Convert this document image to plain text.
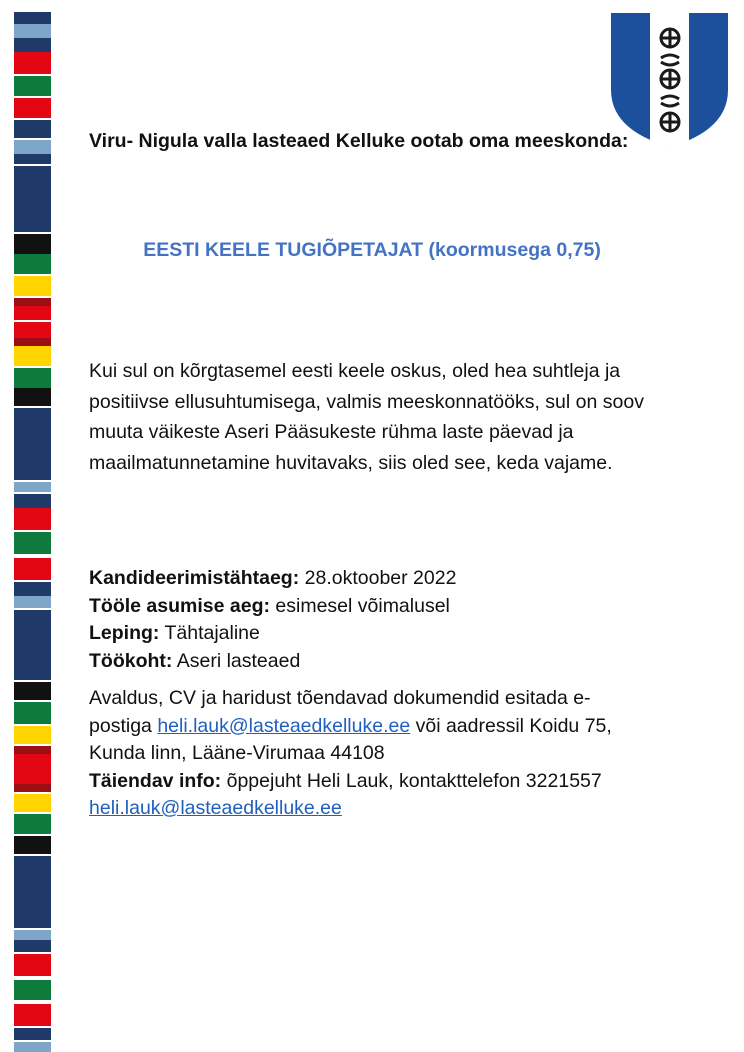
Viru- Nigula valla lasteaed Kelluke ootab oma meeskonda:
EESTI KEELE TUGIÕPETAJAT (koormusega 0,75)
Kui sul on kõrgtasemel eesti keele oskus, oled hea suhtleja ja positiivse ellusuhtumisega, valmis meeskonnatööks, sul on soov muuta väikeste Aseri Pääsukeste rühma laste päevad ja maailmatunnetamine huvitavaks, siis oled see, keda vajame.
Kandideerimistähtaeg: 28.oktoober 2022
Tööle asumise aeg: esimesel võimalusel
Leping: Tähtajaline
Töökoht: Aseri lasteaed
Avaldus, CV ja haridust tõendavad dokumendid esitada e-postiga heli.lauk@lasteaedkelluke.ee või aadressil Koidu 75, Kunda linn, Lääne-Virumaa 44108
Täiendav info: õppejuht Heli Lauk, kontakttelefon 3221557
heli.lauk@lasteaedkelluke.ee
